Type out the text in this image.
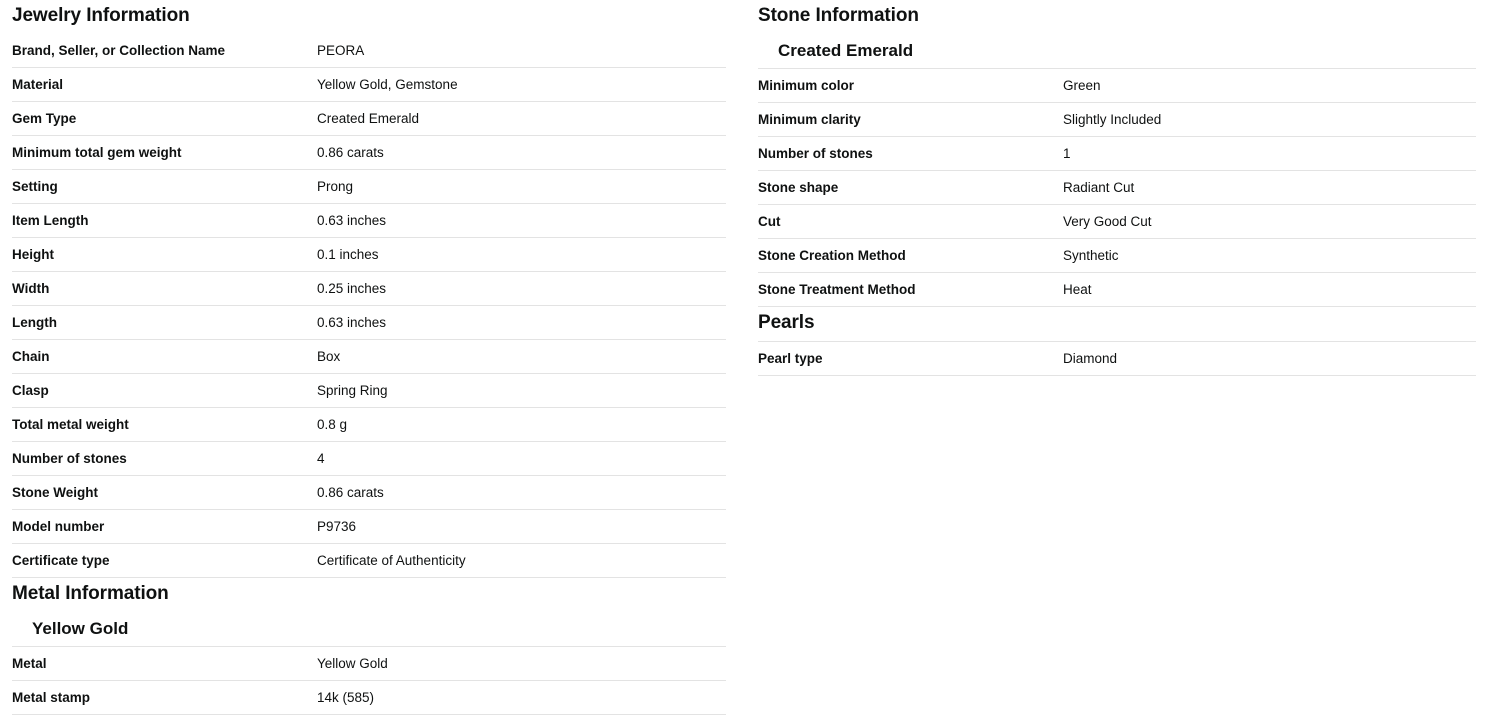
Jewelry Information
Brand, Seller, or Collection Name	PEORA
Material	Yellow Gold, Gemstone
Gem Type	Created Emerald
Minimum total gem weight	0.86 carats
Setting	Prong
Item Length	0.63 inches
Height	0.1 inches
Width	0.25 inches
Length	0.63 inches
Chain	Box
Clasp	Spring Ring
Total metal weight	0.8 g
Number of stones	4
Stone Weight	0.86 carats
Model number	P9736
Certificate type	Certificate of Authenticity
Metal Information
Yellow Gold
Metal	Yellow Gold
Metal stamp	14k (585)
Stone Information
Created Emerald
Minimum color	Green
Minimum clarity	Slightly Included
Number of stones	1
Stone shape	Radiant Cut
Cut	Very Good Cut
Stone Creation Method	Synthetic
Stone Treatment Method	Heat
Pearls
Pearl type	Diamond
